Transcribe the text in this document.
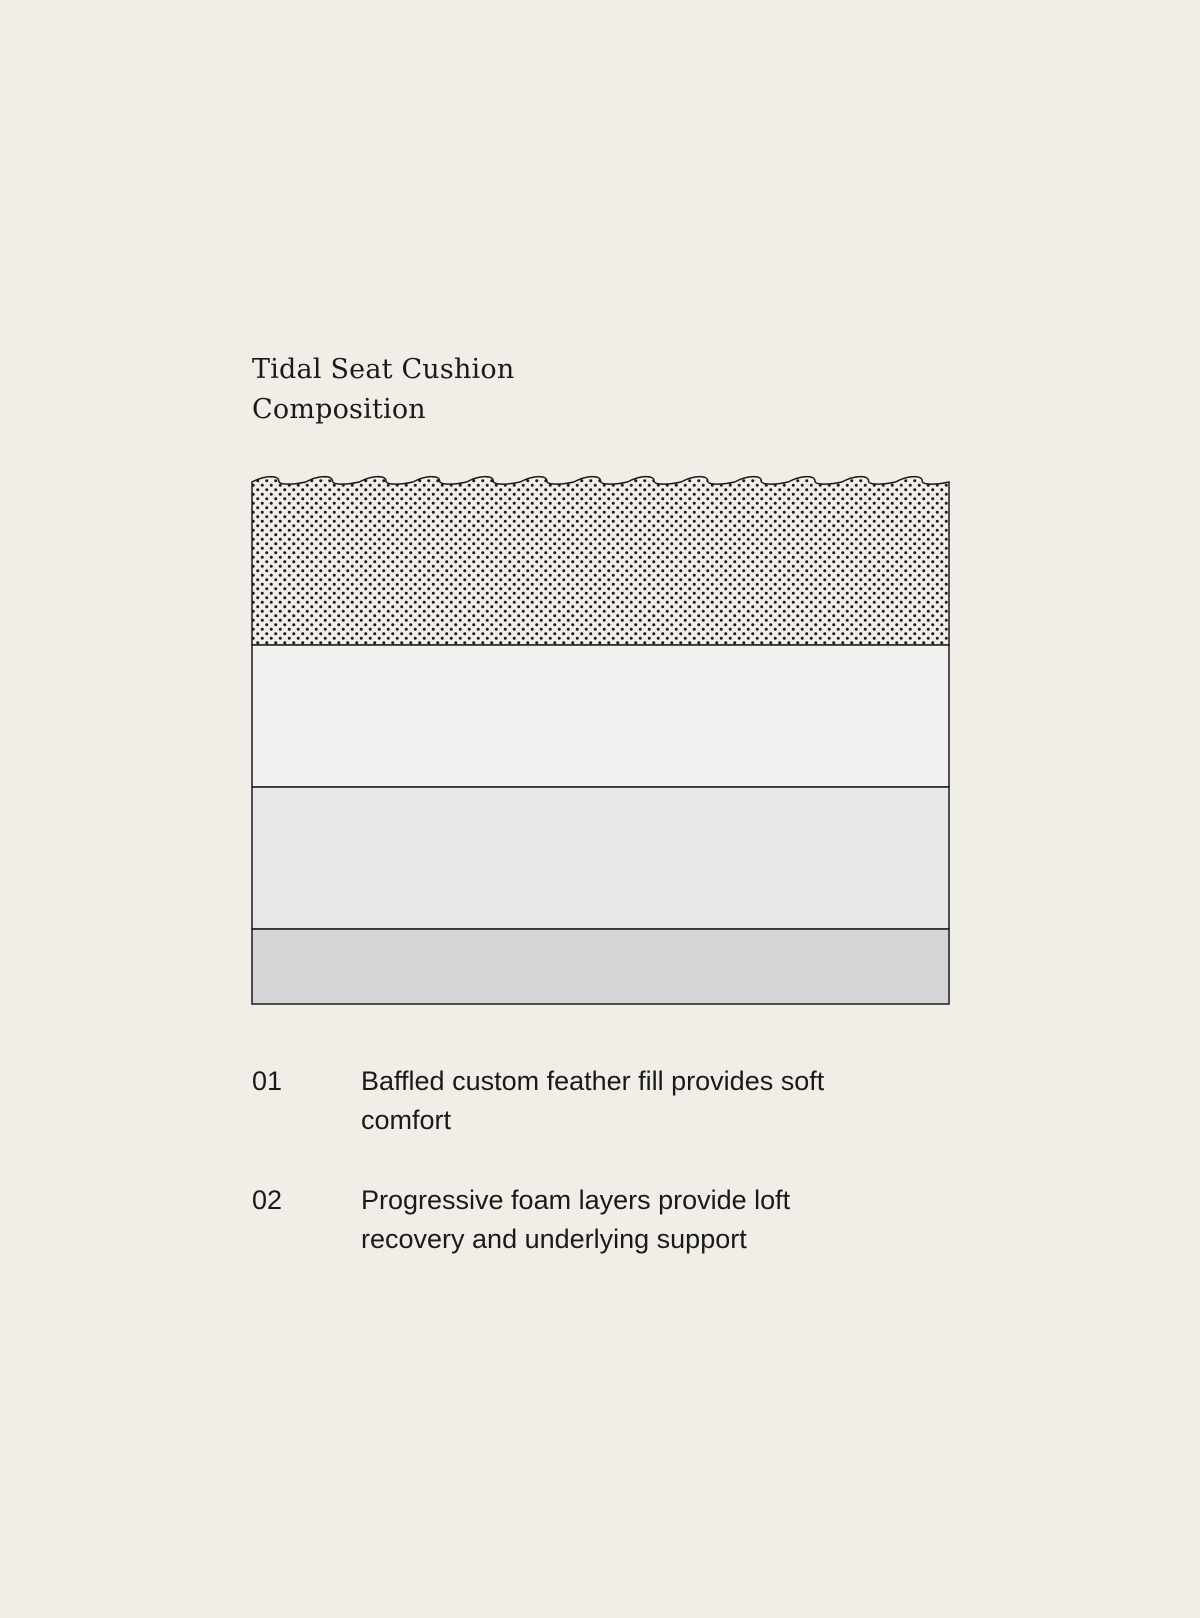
Tidal Seat Cushion
Composition
01	Baffled custom feather fill provides soft comfort
02	Progressive foam layers provide loft recovery and underlying support
